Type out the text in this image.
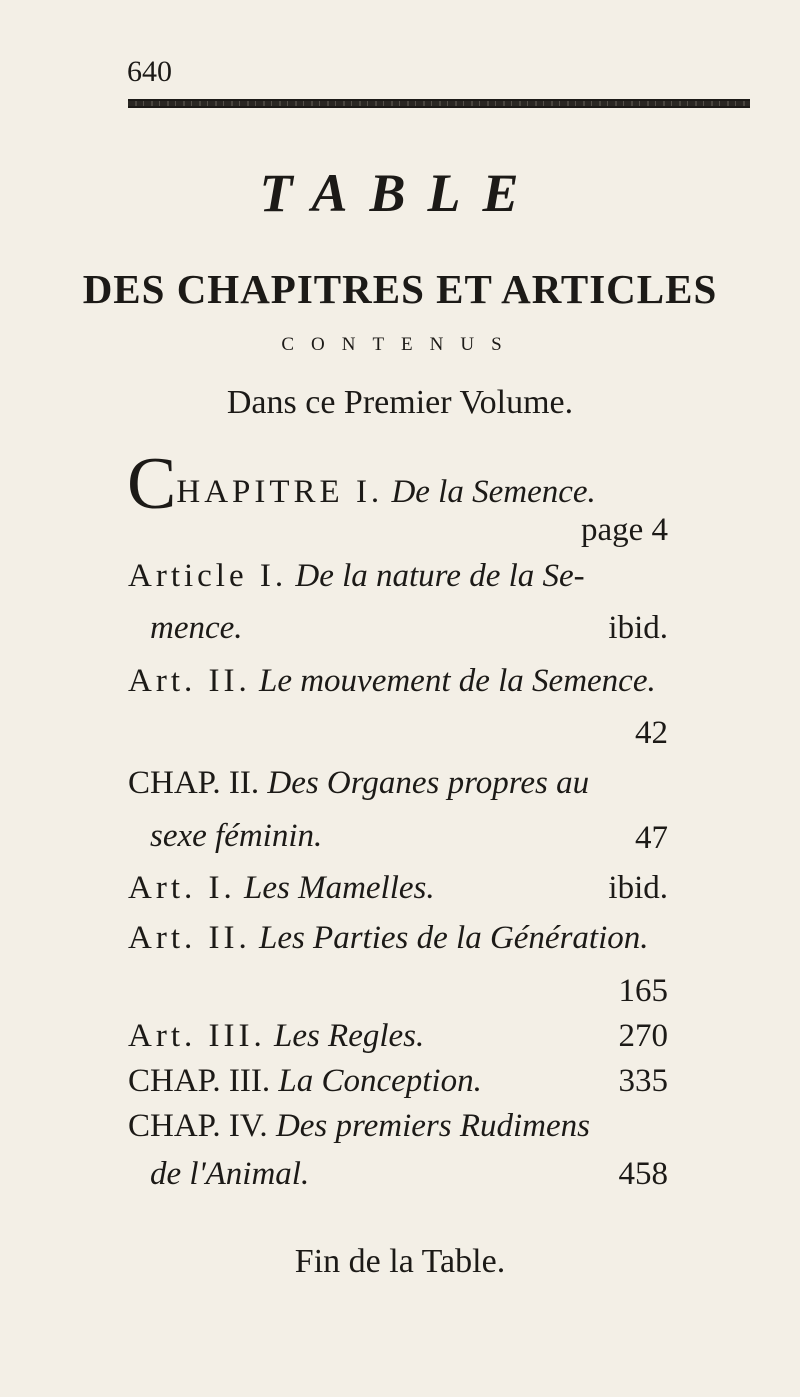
640
TABLE
DES CHAPITRES ET ARTICLES
CONTENUS
Dans ce Premier Volume.
CHAPITRE I. De la Semence.
page 4
Article I. De la nature de la Se-
mence.	ibid.
Art. II. Le mouvement de la Semence.
42
CHAP. II. Des Organes propres au
sexe féminin.	47
Art. I. Les Mamelles.	ibid.
Art. II. Les Parties de la Génération.
165
Art. III. Les Regles.	270
CHAP. III. La Conception.	335
CHAP. IV. Des premiers Rudimens
de l'Animal.	458
Fin de la Table.
